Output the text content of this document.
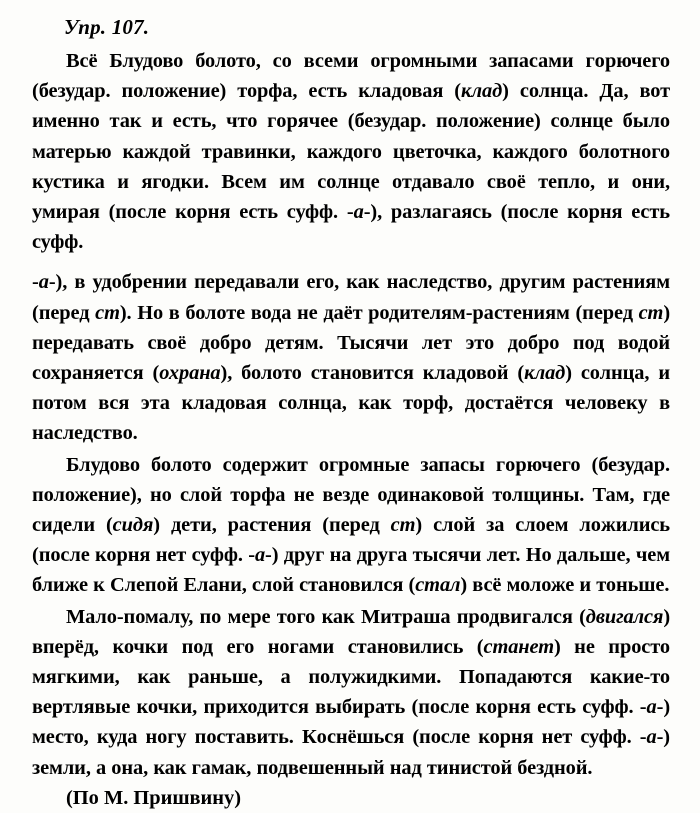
Упр. 107.

Всё Блудово болото, со всеми огромными запасами горючего (безудар. положение) торфа, есть кладовая (клад) солнца. Да, вот именно так и есть, что горячее (безудар. положение) солнце было матерью каждой травинки, каждого цветочка, каждого болотного кустика и ягодки. Всем им солнце отдавало своё тепло, и они, умирая (после корня есть суфф. -а-), разлагаясь (после корня есть суфф.

-а-), в удобрении передавали его, как наследство, другим растениям (перед ст). Но в болоте вода не даёт родителям-растениям (перед ст) передавать своё добро детям. Тысячи лет это добро под водой сохраняется (охрана), болото становится кладовой (клад) солнца, и потом вся эта кладовая солнца, как торф, достаётся человеку в наследство.

Блудово болото содержит огромные запасы горючего (безудар. положение), но слой торфа не везде одинаковой толщины. Там, где сидели (сидя) дети, растения (перед ст) слой за слоем ложились (после корня нет суфф. -а-) друг на друга тысячи лет. Но дальше, чем ближе к Слепой Елани, слой становился (стал) всё моложе и тоньше.

Мало-помалу, по мере того как Митраша продвигался (двигался) вперёд, кочки под его ногами становились (станет) не просто мягкими, как раньше, а полужидкими. Попадаются какие-то вертлявые кочки, приходится выбирать (после корня есть суфф. -а-) место, куда ногу поставить. Коснёшься (после корня нет суфф. -а-) земли, а она, как гамак, подвешенный над тинистой бездной.

(По М. Пришвину)
